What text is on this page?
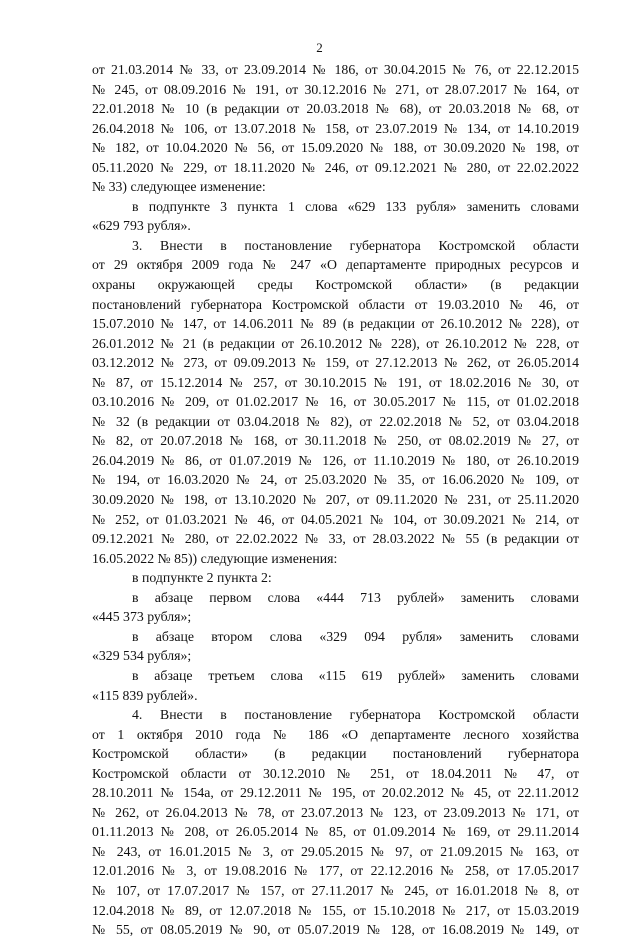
2
от 21.03.2014 № 33, от 23.09.2014 № 186, от 30.04.2015 № 76, от 22.12.2015
№ 245, от 08.09.2016 № 191, от 30.12.2016 № 271, от 28.07.2017 № 164, от
22.01.2018 № 10 (в редакции от 20.03.2018 № 68), от 20.03.2018 № 68, от
26.04.2018 № 106, от 13.07.2018 № 158, от 23.07.2019 № 134, от 14.10.2019
№ 182, от 10.04.2020 № 56, от 15.09.2020 № 188, от 30.09.2020 № 198, от
05.11.2020 № 229, от 18.11.2020 № 246, от 09.12.2021 № 280, от 22.02.2022
№ 33) следующее изменение:
в подпункте 3 пункта 1 слова «629 133 рубля» заменить словами
«629 793 рубля».
3. Внести в постановление губернатора Костромской области
от 29 октября 2009 года № 247 «О департаменте природных ресурсов и
охраны окружающей среды Костромской области» (в редакции
постановлений губернатора Костромской области от 19.03.2010 № 46, от
15.07.2010 № 147, от 14.06.2011 № 89 (в редакции от 26.10.2012 № 228), от
26.01.2012 № 21 (в редакции от 26.10.2012 № 228), от 26.10.2012 № 228, от
03.12.2012 № 273, от 09.09.2013 № 159, от 27.12.2013 № 262, от 26.05.2014
№ 87, от 15.12.2014 № 257, от 30.10.2015 № 191, от 18.02.2016 № 30, от
03.10.2016 № 209, от 01.02.2017 № 16, от 30.05.2017 № 115, от 01.02.2018
№ 32 (в редакции от 03.04.2018 № 82), от 22.02.2018 № 52, от 03.04.2018
№ 82, от 20.07.2018 № 168, от 30.11.2018 № 250, от 08.02.2019 № 27, от
26.04.2019 № 86, от 01.07.2019 № 126, от 11.10.2019 № 180, от 26.10.2019
№ 194, от 16.03.2020 № 24, от 25.03.2020 № 35, от 16.06.2020 № 109, от
30.09.2020 № 198, от 13.10.2020 № 207, от 09.11.2020 № 231, от 25.11.2020
№ 252, от 01.03.2021 № 46, от 04.05.2021 № 104, от 30.09.2021 № 214, от
09.12.2021 № 280, от 22.02.2022 № 33, от 28.03.2022 № 55 (в редакции от
16.05.2022 № 85)) следующие изменения:
в подпункте 2 пункта 2:
в абзаце первом слова «444 713 рублей» заменить словами
«445 373 рубля»;
в абзаце втором слова «329 094 рубля» заменить словами
«329 534 рубля»;
в абзаце третьем слова «115 619 рублей» заменить словами
«115 839 рублей».
4. Внести в постановление губернатора Костромской области
от 1 октября 2010 года № 186 «О департаменте лесного хозяйства
Костромской области» (в редакции постановлений губернатора
Костромской области от 30.12.2010 № 251, от 18.04.2011 № 47, от
28.10.2011 № 154а, от 29.12.2011 № 195, от 20.02.2012 № 45, от 22.11.2012
№ 262, от 26.04.2013 № 78, от 23.07.2013 № 123, от 23.09.2013 № 171, от
01.11.2013 № 208, от 26.05.2014 № 85, от 01.09.2014 № 169, от 29.11.2014
№ 243, от 16.01.2015 № 3, от 29.05.2015 № 97, от 21.09.2015 № 163, от
12.01.2016 № 3, от 19.08.2016 № 177, от 22.12.2016 № 258, от 17.05.2017
№ 107, от 17.07.2017 № 157, от 27.11.2017 № 245, от 16.01.2018 № 8, от
12.04.2018 № 89, от 12.07.2018 № 155, от 15.10.2018 № 217, от 15.03.2019
№ 55, от 08.05.2019 № 90, от 05.07.2019 № 128, от 16.08.2019 № 149, от
